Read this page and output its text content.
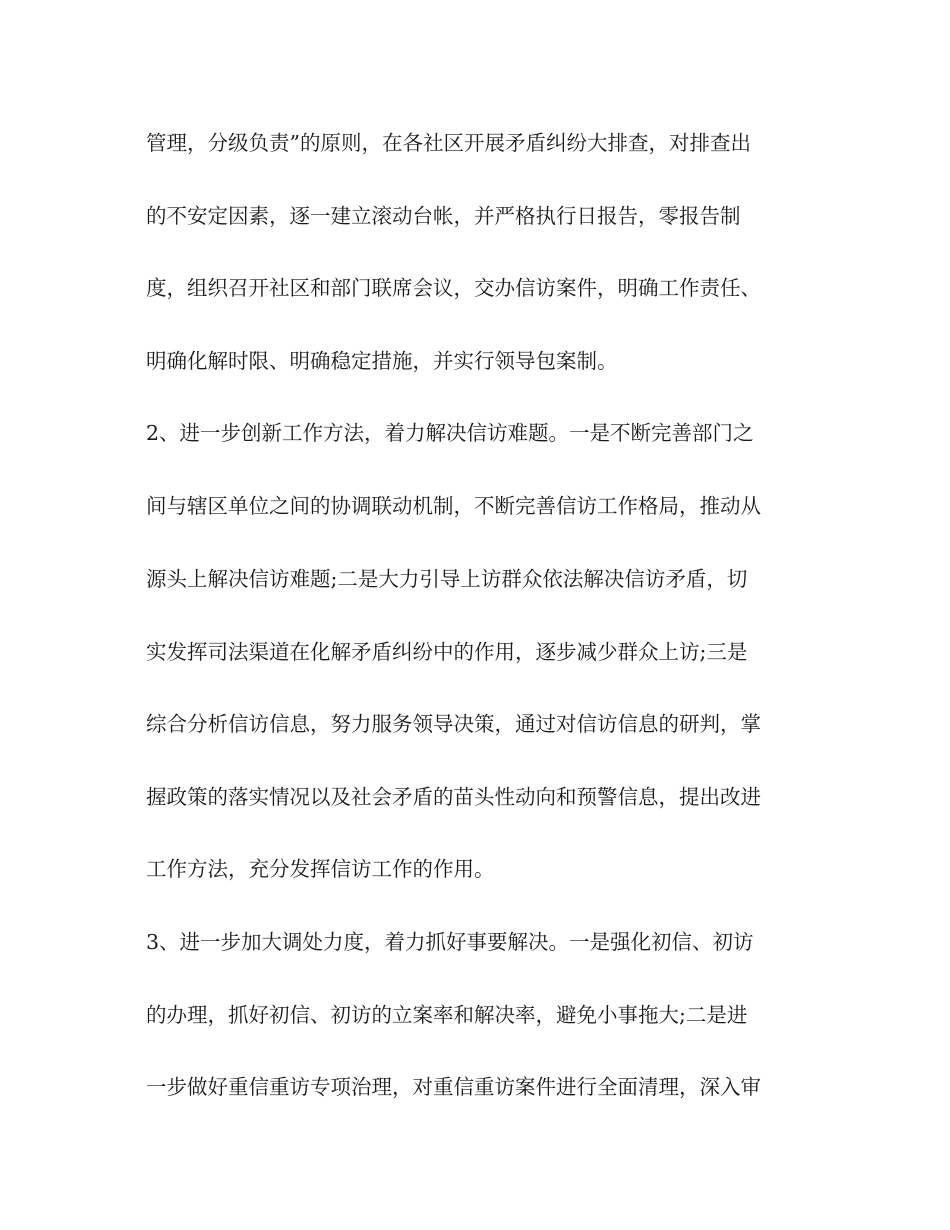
管理，分级负责”的原则，在各社区开展矛盾纠纷大排查，对排查出
的不安定因素，逐一建立滚动台帐，并严格执行日报告，零报告制
度，组织召开社区和部门联席会议，交办信访案件，明确工作责任、
明确化解时限、明确稳定措施，并实行领导包案制。
2、进一步创新工作方法，着力解决信访难题。一是不断完善部门之
间与辖区单位之间的协调联动机制，不断完善信访工作格局，推动从
源头上解决信访难题;二是大力引导上访群众依法解决信访矛盾，切
实发挥司法渠道在化解矛盾纠纷中的作用，逐步减少群众上访;三是
综合分析信访信息，努力服务领导决策，通过对信访信息的研判，掌
握政策的落实情况以及社会矛盾的苗头性动向和预警信息，提出改进
工作方法，充分发挥信访工作的作用。
3、进一步加大调处力度，着力抓好事要解决。一是强化初信、初访
的办理，抓好初信、初访的立案率和解决率，避免小事拖大;二是进
一步做好重信重访专项治理，对重信重访案件进行全面清理，深入审
